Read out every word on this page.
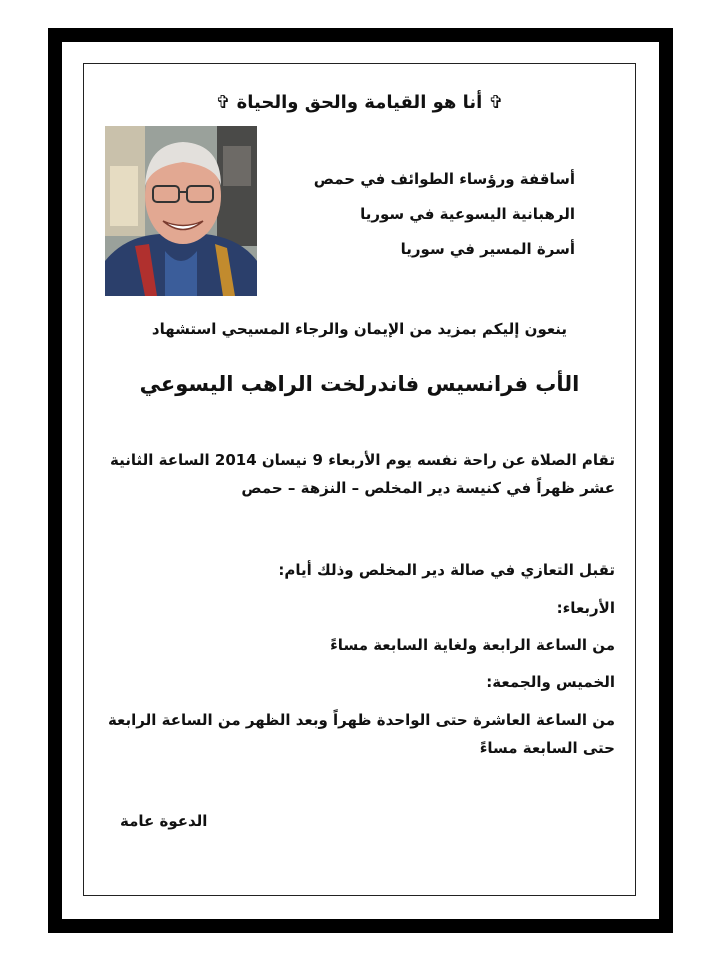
✞أنا هو القيامة والحق والحياة✞
أساقفة ورؤساء الطوائف في حمص
الرهبانية اليسوعية في سوريا
أسرة المسير في سوريا
ينعون إليكم بمزيد من الإيمان والرجاء المسيحي استشهاد
الأب فرانسيس فاندرلخت الراهب اليسوعي
تقام الصلاة عن راحة نفسه يوم الأربعاء 9 نيسان 2014 الساعة الثانية
عشر ظهراً في كنيسة دير المخلص – النزهة – حمص
تقبل التعازي في صالة دير المخلص وذلك أيام:
الأربعاء:
من الساعة الرابعة ولغاية السابعة مساءً
الخميس والجمعة:
من الساعة العاشرة حتى الواحدة ظهراً وبعد الظهر من الساعة الرابعة
حتى السابعة مساءً
الدعوة عامة
